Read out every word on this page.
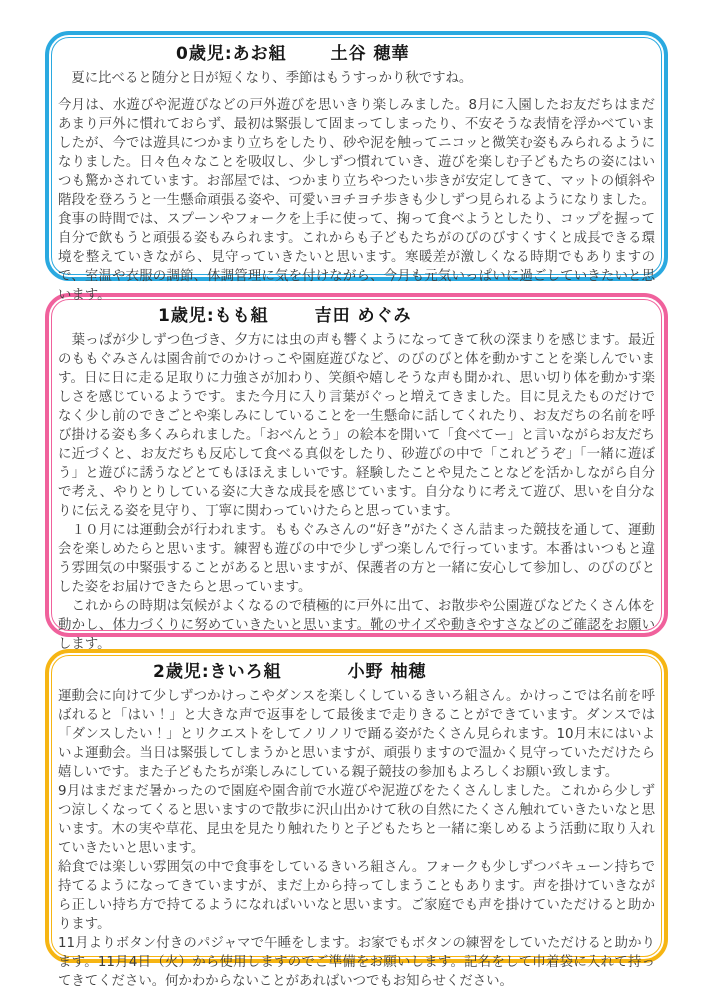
0歳児:あお組	土谷 穂華

　夏に比べると随分と日が短くなり、季節はもうすっかり秋ですね。

今月は、水遊びや泥遊びなどの戸外遊びを思いきり楽しみました。8月に入園したお友だちはまだあまり戸外に慣れておらず、最初は緊張して固まってしまったり、不安そうな表情を浮かべていましたが、今では遊具につかまり立ちをしたり、砂や泥を触ってニコッと微笑む姿もみられるようになりました。日々色々なことを吸収し、少しずつ慣れていき、遊びを楽しむ子どもたちの姿にはいつも驚かされています。お部屋では、つかまり立ちやつたい歩きが安定してきて、マットの傾斜や階段を登ろうと一生懸命頑張る姿や、可愛いヨチヨチ歩きも少しずつ見られるようになりました。食事の時間では、スプーンやフォークを上手に使って、掬って食べようとしたり、コップを握って自分で飲もうと頑張る姿もみられます。これからも子どもたちがのびのびすくすくと成長できる環境を整えていきながら、見守っていきたいと思います。寒暖差が激しくなる時期でもありますので、室温や衣服の調節、体調管理に気を付けながら、今月も元気いっぱいに過ごしていきたいと思います。

1歳児:もも組	吉田 めぐみ

　葉っぱが少しずつ色づき、夕方には虫の声も響くようになってきて秋の深まりを感じます。最近のももぐみさんは園舎前でのかけっこや園庭遊びなど、のびのびと体を動かすことを楽しんでいます。日に日に走る足取りに力強さが加わり、笑顔や嬉しそうな声も聞かれ、思い切り体を動かす楽しさを感じているようです。また今月に入り言葉がぐっと増えてきました。目に見えたものだけでなく少し前のできごとや楽しみにしていることを一生懸命に話してくれたり、お友だちの名前を呼び掛ける姿も多くみられました。「おべんとう」の絵本を開いて「食べてー」と言いながらお友だちに近づくと、お友だちも反応して食べる真似をしたり、砂遊びの中で「これどうぞ」「一緒に遊ぼう」と遊びに誘うなどとてもほほえましいです。経験したことや見たことなどを活かしながら自分で考え、やりとりしている姿に大きな成長を感じています。自分なりに考えて遊び、思いを自分なりに伝える姿を見守り、丁寧に関わっていけたらと思っています。

　１０月には運動会が行われます。ももぐみさんの“好き”がたくさん詰まった競技を通して、運動会を楽しめたらと思います。練習も遊びの中で少しずつ楽しんで行っています。本番はいつもと違う雰囲気の中緊張することがあると思いますが、保護者の方と一緒に安心して参加し、のびのびとした姿をお届けできたらと思っています。

　これからの時期は気候がよくなるので積極的に戸外に出て、お散歩や公園遊びなどたくさん体を動かし、体力づくりに努めていきたいと思います。靴のサイズや動きやすさなどのご確認をお願いします。

2歳児:きいろ組	小野 柚穂

運動会に向けて少しずつかけっこやダンスを楽しくしているきいろ組さん。かけっこでは名前を呼ばれると「はい！」と大きな声で返事をして最後まで走りきることができています。ダンスでは「ダンスしたい！」とリクエストをしてノリノリで踊る姿がたくさん見られます。10月末にはいよいよ運動会。当日は緊張してしまうかと思いますが、頑張りますので温かく見守っていただけたら嬉しいです。また子どもたちが楽しみにしている親子競技の参加もよろしくお願い致します。

9月はまだまだ暑かったので園庭や園舎前で水遊びや泥遊びをたくさんしました。これから少しずつ涼しくなってくると思いますので散歩に沢山出かけて秋の自然にたくさん触れていきたいなと思います。木の実や草花、昆虫を見たり触れたりと子どもたちと一緒に楽しめるよう活動に取り入れていきたいと思います。

給食では楽しい雰囲気の中で食事をしているきいろ組さん。フォークも少しずつバキューン持ちで持てるようになってきていますが、まだ上から持ってしまうこともあります。声を掛けていきながら正しい持ち方で持てるようになればいいなと思います。ご家庭でも声を掛けていただけると助かります。

11月よりボタン付きのパジャマで午睡をします。お家でもボタンの練習をしていただけると助かります。11月4日（火）から使用しますのでご準備をお願いします。記名をして巾着袋に入れて持ってきてください。何かわからないことがあればいつでもお知らせください。
